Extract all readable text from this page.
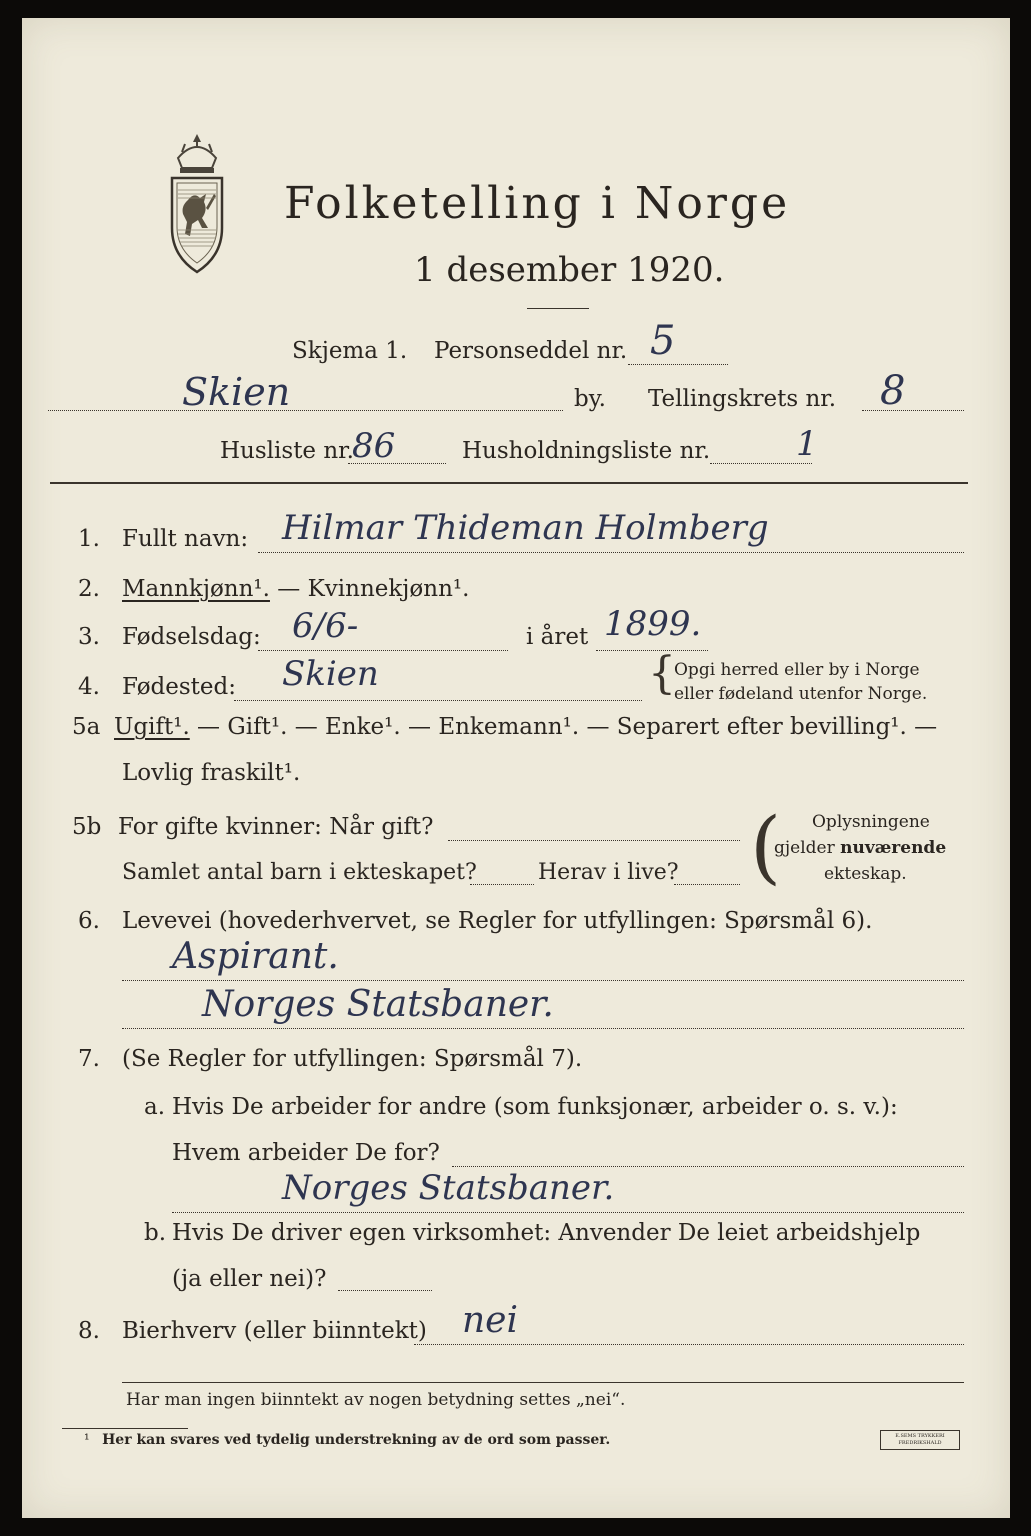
Folketelling i Norge
1 desember 1920.
Skjema 1. Personseddel nr. 5
Skien	by. Tellingskrets nr. 8
Husliste nr.
86	Husholdningsliste nr.	1
1. Fullt navn: Hilmar Thideman Holmberg
2. Mannkjønn¹. — Kvinnekjønn¹.
3. Fødselsdag: 6/6-	i året 1899.
4. Fødested: Skien	{
Opgi herred eller by i Norge
eller fødeland utenfor Norge.
5a Ugift¹. — Gift¹. — Enke¹. — Enkemann¹. — Separert efter bevilling¹. —
Lovlig fraskilt¹.
5b For gifte kvinner: Når gift?
Samlet antal barn i ekteskapet?	Herav i live? ( Oplysningene
gjelder nuværende
ekteskap.
6. Levevei (hovederhvervet, se Regler for utfyllingen: Spørsmål 6).
Aspirant.
Norges Statsbaner.
7. (Se Regler for utfyllingen: Spørsmål 7).
a. Hvis De arbeider for andre (som funksjonær, arbeider o. s. v.):
Hvem arbeider De for?
Norges Statsbaner.
b. Hvis De driver egen virksomhet: Anvender De leiet arbeidshjelp
(ja eller nei)?
8. Bierhverv (eller biinntekt) nei
Har man ingen biinntekt av nogen betydning settes „nei“.
¹ Her kan svares ved tydelig understrekning av de ord som passer.	E.SEMS TRYKKERI FREDRIKSHALD
